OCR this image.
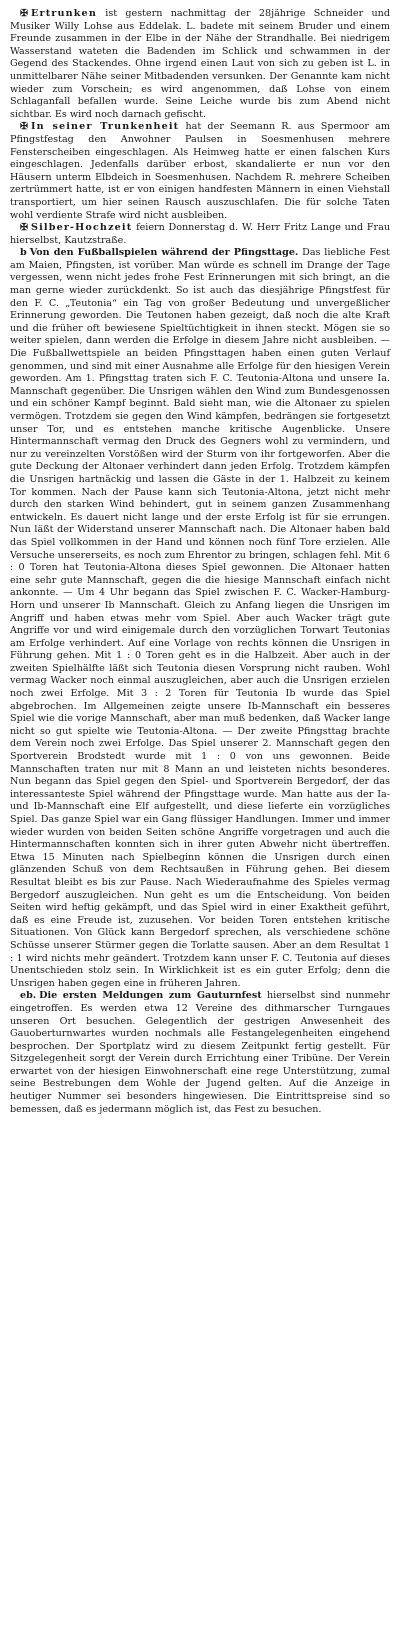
✠ Ertrunken ist gestern nachmittag der 28jährige Schneider und Musiker Willy Lohse aus Eddelak. L. badete mit seinem Bruder und einem Freunde zusammen in der Elbe in der Nähe der Strandhalle. Bei niedrigem Wasserstand wateten die Badenden im Schlick und schwammen in der Gegend des Stackendes. Ohne irgend einen Laut von sich zu geben ist L. in unmittelbarer Nähe seiner Mitbadenden versunken. Der Genannte kam nicht wieder zum Vorschein; es wird angenommen, daß Lohse von einem Schlaganfall befallen wurde. Seine Leiche wurde bis zum Abend nicht sichtbar. Es wird noch darnach gefischt.

✠ In seiner Trunkenheit hat der Seemann R. aus Spermoor am Pfingstfestag den Anwohner Paulsen in Soesmenhusen mehrere Fensterscheiben eingeschlagen. Als Heimweg hatte er einen falschen Kurs eingeschlagen. Jedenfalls darüber erbost, skandalierte er nun vor den Häusern unterm Elbdeich in Soesmenhusen. Nachdem R. mehrere Scheiben zertrümmert hatte, ist er von einigen handfesten Männern in einen Viehstall transportiert, um hier seinen Rausch auszuschlafen. Die für solche Taten wohl verdiente Strafe wird nicht ausbleiben.

✠ Silber-Hochzeit feiern Donnerstag d. W. Herr Fritz Lange und Frau hierselbst, Kautzstraße.

b Von den Fußballspielen während der Pfingsttage. Das liebliche Fest am Maien, Pfingsten, ist vorüber. Man würde es schnell im Drange der Tage vergessen, wenn nicht jedes frohe Fest Erinnerungen mit sich bringt, an die man gerne wieder zurückdenkt. So ist auch das diesjährige Pfingstfest für den F. C. „Teutonia“ ein Tag von großer Bedeutung und unvergeßlicher Erinnerung geworden. Die Teutonen haben gezeigt, daß noch die alte Kraft und die früher oft bewiesene Spieltüchtigkeit in ihnen steckt. Mögen sie so weiter spielen, dann werden die Erfolge in diesem Jahre nicht ausbleiben. — Die Fußballwettspiele an beiden Pfingsttagen haben einen guten Verlauf genommen, und sind mit einer Ausnahme alle Erfolge für den hiesigen Verein geworden. Am 1. Pfingsttag traten sich F. C. Teutonia-Altona und unsere Ia. Mannschaft gegenüber. Die Unsrigen wählen den Wind zum Bundesgenossen und ein schöner Kampf beginnt. Bald sieht man, wie die Altonaer zu spielen vermögen. Trotzdem sie gegen den Wind kämpfen, bedrängen sie fortgesetzt unser Tor, und es entstehen manche kritische Augenblicke. Unsere Hintermannschaft vermag den Druck des Gegners wohl zu vermindern, und nur zu vereinzelten Vorstößen wird der Sturm von ihr fortgeworfen. Aber die gute Deckung der Altonaer verhindert dann jeden Erfolg. Trotzdem kämpfen die Unsrigen hartnäckig und lassen die Gäste in der 1. Halbzeit zu keinem Tor kommen. Nach der Pause kann sich Teutonia-Altona, jetzt nicht mehr durch den starken Wind behindert, gut in seinem ganzen Zusammenhang entwickeln. Es dauert nicht lange und der erste Erfolg ist für sie errungen. Nun läßt der Widerstand unserer Mannschaft nach. Die Altonaer haben bald das Spiel vollkommen in der Hand und können noch fünf Tore erzielen. Alle Versuche unsererseits, es noch zum Ehrentor zu bringen, schlagen fehl. Mit 6 : 0 Toren hat Teutonia-Altona dieses Spiel gewonnen. Die Altonaer hatten eine sehr gute Mannschaft, gegen die die hiesige Mannschaft einfach nicht ankonnte. — Um 4 Uhr begann das Spiel zwischen F. C. Wacker-Hamburg-Horn und unserer Ib Mannschaft. Gleich zu Anfang liegen die Unsrigen im Angriff und haben etwas mehr vom Spiel. Aber auch Wacker trägt gute Angriffe vor und wird einigemale durch den vorzüglichen Torwart Teutonias am Erfolge verhindert. Auf eine Vorlage von rechts können die Unsrigen in Führung gehen. Mit 1 : 0 Toren geht es in die Halbzeit. Aber auch in der zweiten Spielhälfte läßt sich Teutonia diesen Vorsprung nicht rauben. Wohl vermag Wacker noch einmal auszugleichen, aber auch die Unsrigen erzielen noch zwei Erfolge. Mit 3 : 2 Toren für Teutonia Ib wurde das Spiel abgebrochen. Im Allgemeinen zeigte unsere Ib-Mannschaft ein besseres Spiel wie die vorige Mannschaft, aber man muß bedenken, daß Wacker lange nicht so gut spielte wie Teutonia-Altona. — Der zweite Pfingsttag brachte dem Verein noch zwei Erfolge. Das Spiel unserer 2. Mannschaft gegen den Sportverein Brodstedt wurde mit 1 : 0 von uns gewonnen. Beide Mannschaften traten nur mit 8 Mann an und leisteten nichts besonderes. Nun begann das Spiel gegen den Spiel- und Sportverein Bergedorf, der das interessanteste Spiel während der Pfingsttage wurde. Man hatte aus der Ia- und Ib-Mannschaft eine Elf aufgestellt, und diese lieferte ein vorzügliches Spiel. Das ganze Spiel war ein Gang flüssiger Handlungen. Immer und immer wieder wurden von beiden Seiten schöne Angriffe vorgetragen und auch die Hintermannschaften konnten sich in ihrer guten Abwehr nicht übertreffen. Etwa 15 Minuten nach Spielbeginn können die Unsrigen durch einen glänzenden Schuß von dem Rechtsaußen in Führung gehen. Bei diesem Resultat bleibt es bis zur Pause. Nach Wiederaufnahme des Spieles vermag Bergedorf auszugleichen. Nun geht es um die Entscheidung. Von beiden Seiten wird heftig gekämpft, und das Spiel wird in einer Exaktheit geführt, daß es eine Freude ist, zuzusehen. Vor beiden Toren entstehen kritische Situationen. Von Glück kann Bergedorf sprechen, als verschiedene schöne Schüsse unserer Stürmer gegen die Torlatte sausen. Aber an dem Resultat 1 : 1 wird nichts mehr geändert. Trotzdem kann unser F. C. Teutonia auf dieses Unentschieden stolz sein. In Wirklichkeit ist es ein guter Erfolg; denn die Unsrigen haben gegen eine in früheren Jahren.

eb. Die ersten Meldungen zum Gauturnfest hierselbst sind nunmehr eingetroffen. Es werden etwa 12 Vereine des dithmarscher Turngaues unseren Ort besuchen. Gelegentlich der gestrigen Anwesenheit des Gauoberturnwartes wurden nochmals alle Festangelegenheiten eingehend besprochen. Der Sportplatz wird zu diesem Zeitpunkt fertig gestellt. Für Sitzgelegenheit sorgt der Verein durch Errichtung einer Tribüne. Der Verein erwartet von der hiesigen Einwohnerschaft eine rege Unterstützung, zumal seine Bestrebungen dem Wohle der Jugend gelten. Auf die Anzeige in heutiger Nummer sei besonders hingewiesen. Die Eintrittspreise sind so bemessen, daß es jedermann möglich ist, das Fest zu besuchen.
